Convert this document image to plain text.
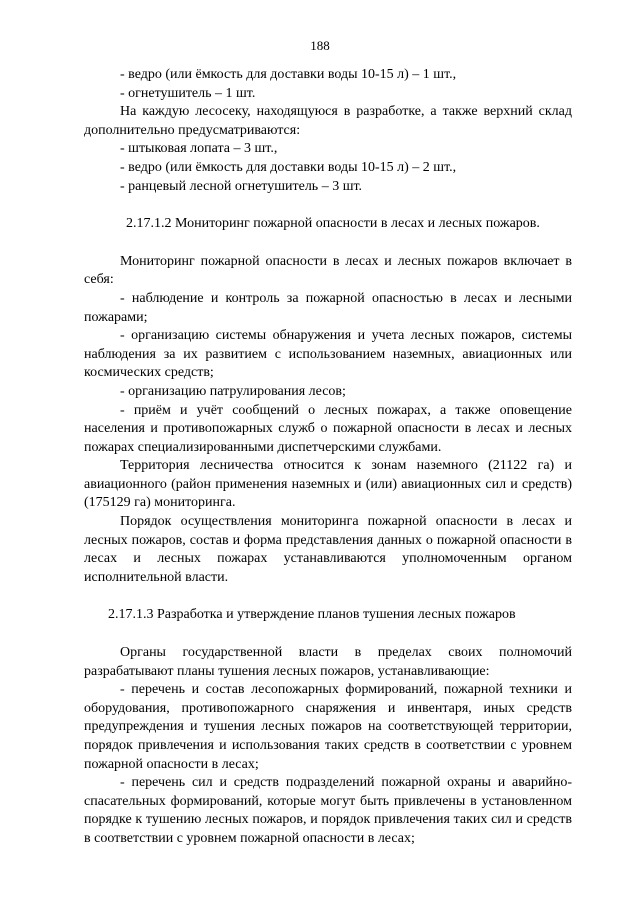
188

- ведро (или ёмкость для доставки воды 10-15 л) – 1 шт.,

- огнетушитель – 1 шт.

На каждую лесосеку, находящуюся в разработке, а также верхний склад дополнительно предусматриваются:

- штыковая лопата – 3 шт.,

- ведро (или ёмкость для доставки воды 10-15 л) – 2 шт.,

- ранцевый лесной огнетушитель – 3 шт.

2.17.1.2 Мониторинг пожарной опасности в лесах и лесных пожаров.

Мониторинг пожарной опасности в лесах и лесных пожаров включает в себя:

- наблюдение и контроль за пожарной опасностью в лесах и лесными пожарами;

- организацию системы обнаружения и учета лесных пожаров, системы наблюдения за их развитием с использованием наземных, авиационных или космических средств;

- организацию патрулирования лесов;

- приём и учёт сообщений о лесных пожарах, а также оповещение населения и противопожарных служб о пожарной опасности в лесах и лесных пожарах специализированными диспетчерскими службами.

Территория лесничества относится к зонам наземного (21122 га) и авиационного (район применения наземных и (или) авиационных сил и средств) (175129 га) мониторинга.

Порядок осуществления мониторинга пожарной опасности в лесах и лесных пожаров, состав и форма представления данных о пожарной опасности в лесах и лесных пожарах устанавливаются уполномоченным органом исполнительной власти.

2.17.1.3 Разработка и утверждение планов тушения лесных пожаров

Органы государственной власти в пределах своих полномочий разрабатывают планы тушения лесных пожаров, устанавливающие:

- перечень и состав лесопожарных формирований, пожарной техники и оборудования, противопожарного снаряжения и инвентаря, иных средств предупреждения и тушения лесных пожаров на соответствующей территории, порядок привлечения и использования таких средств в соответствии с уровнем пожарной опасности в лесах;

- перечень сил и средств подразделений пожарной охраны и аварийно-спасательных формирований, которые могут быть привлечены в установленном порядке к тушению лесных пожаров, и порядок привлечения таких сил и средств в соответствии с уровнем пожарной опасности в лесах;
